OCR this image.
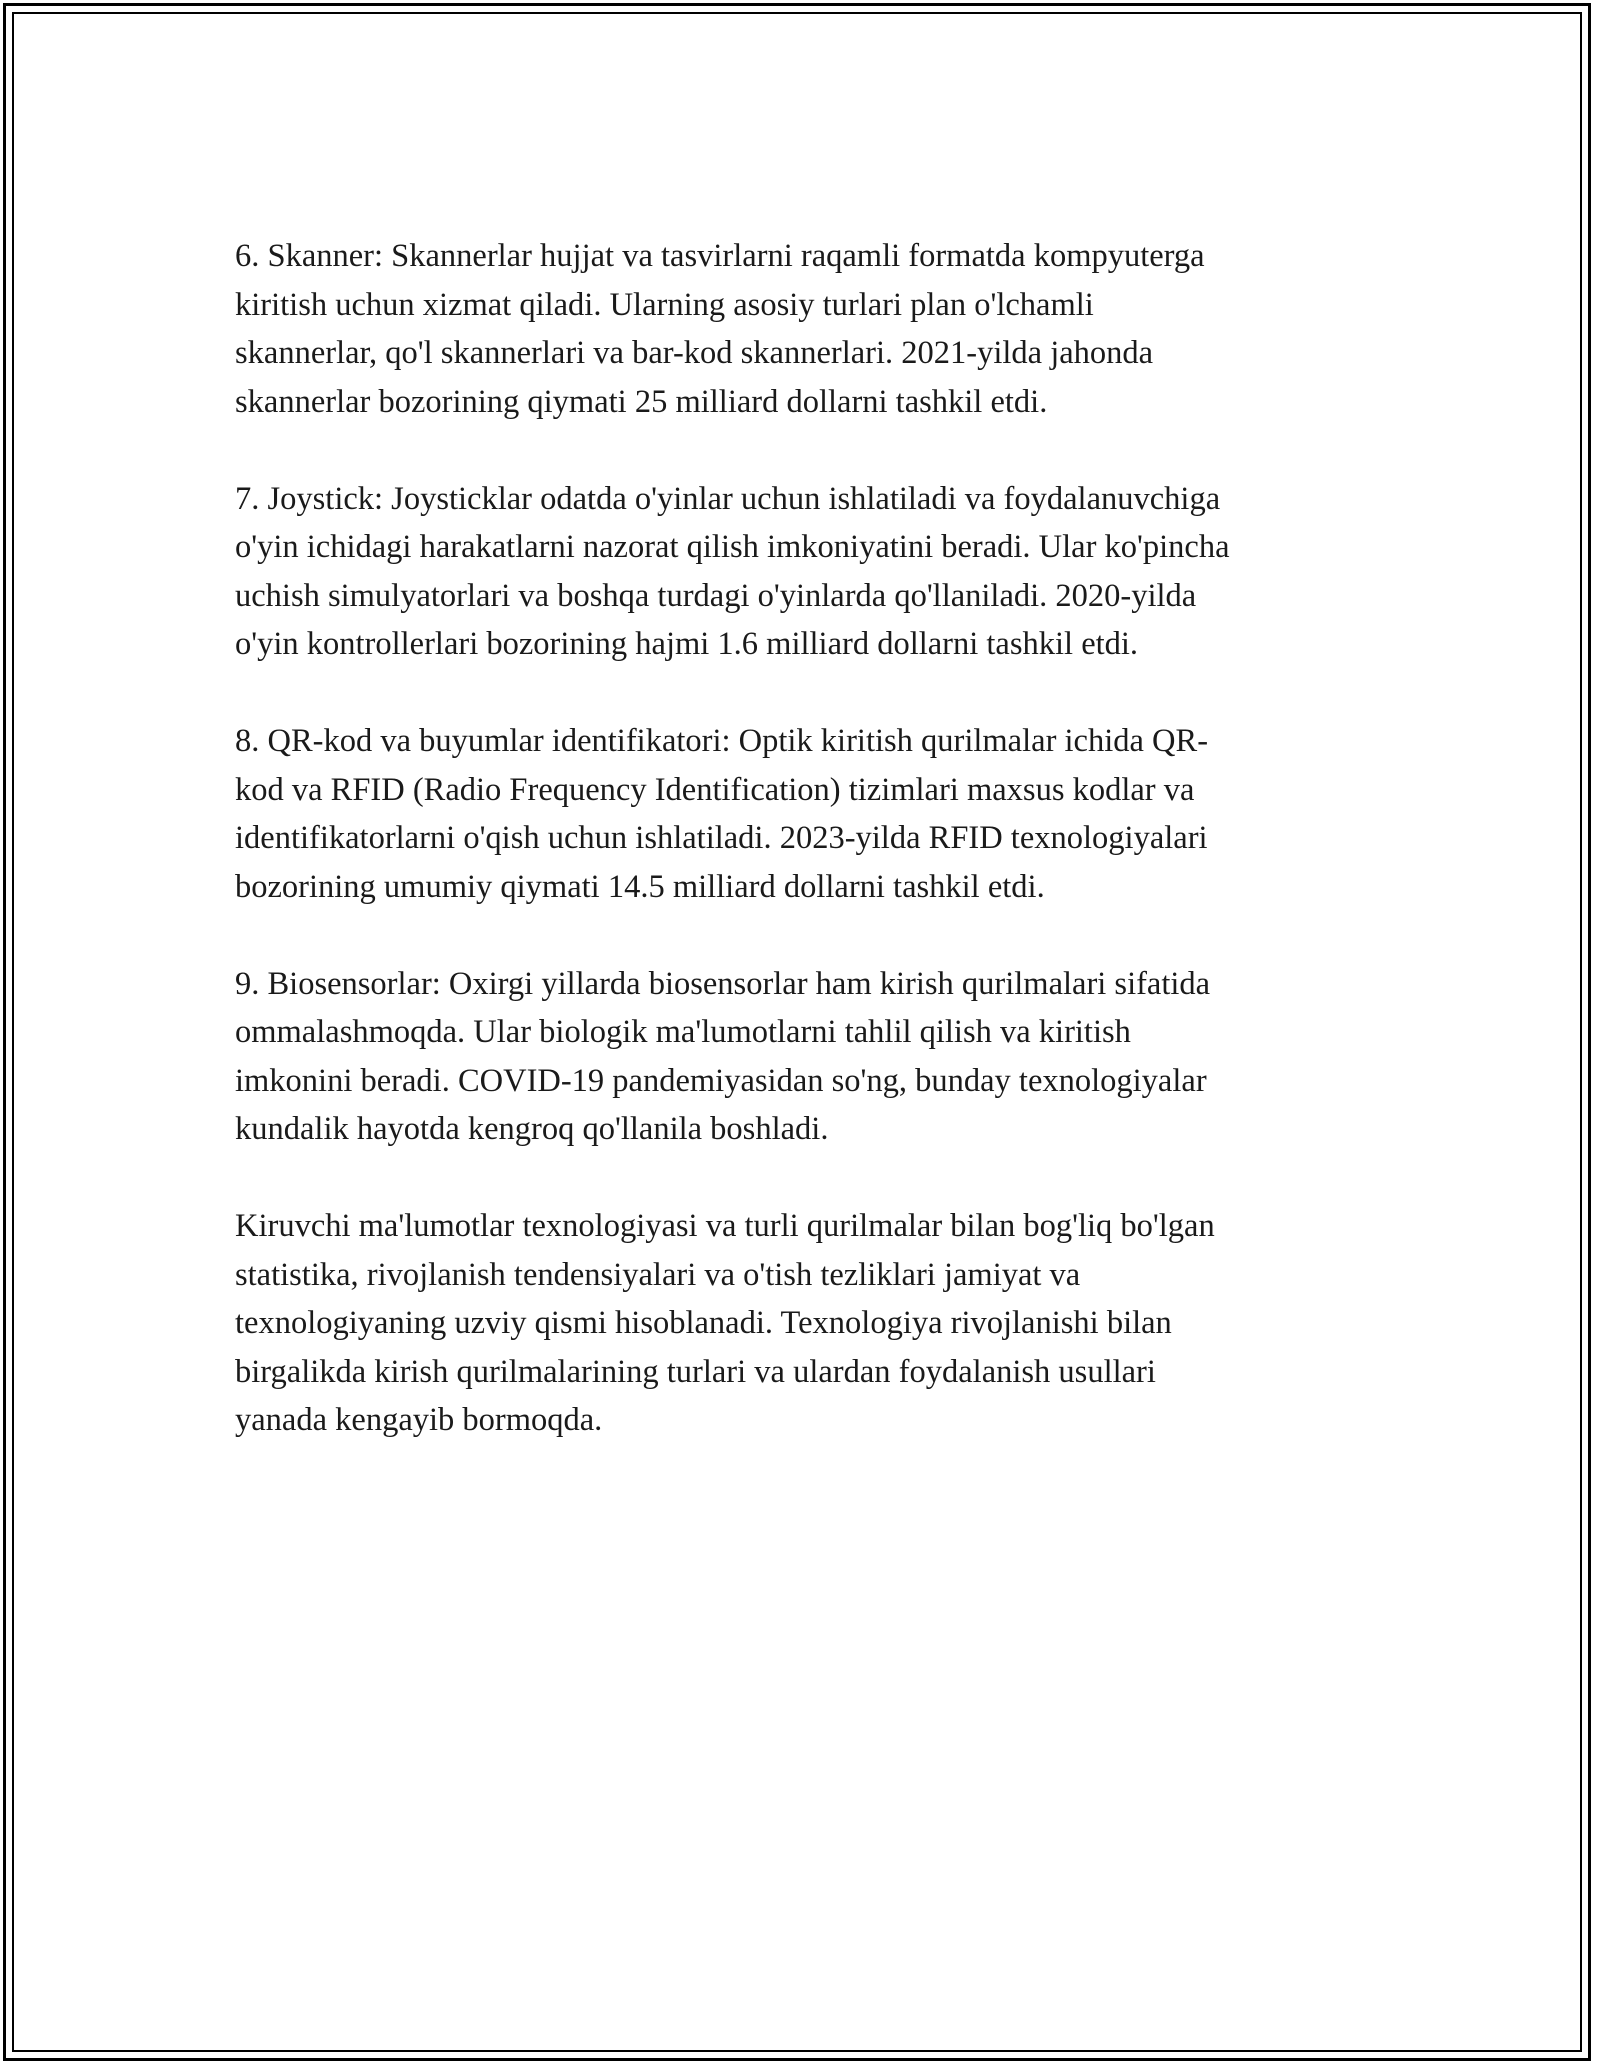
6. Skanner: Skannerlar hujjat va tasvirlarni raqamli formatda kompyuterga
kiritish uchun xizmat qiladi. Ularning asosiy turlari plan o'lchamli
skannerlar, qo'l skannerlari va bar-kod skannerlari. 2021-yilda jahonda
skannerlar bozorining qiymati 25 milliard dollarni tashkil etdi.

7. Joystick: Joysticklar odatda o'yinlar uchun ishlatiladi va foydalanuvchiga
o'yin ichidagi harakatlarni nazorat qilish imkoniyatini beradi. Ular ko'pincha
uchish simulyatorlari va boshqa turdagi o'yinlarda qo'llaniladi. 2020-yilda
o'yin kontrollerlari bozorining hajmi 1.6 milliard dollarni tashkil etdi.

8. QR-kod va buyumlar identifikatori: Optik kiritish qurilmalar ichida QR-
kod va RFID (Radio Frequency Identification) tizimlari maxsus kodlar va
identifikatorlarni o'qish uchun ishlatiladi. 2023-yilda RFID texnologiyalari
bozorining umumiy qiymati 14.5 milliard dollarni tashkil etdi.

9. Biosensorlar: Oxirgi yillarda biosensorlar ham kirish qurilmalari sifatida
ommalashmoqda. Ular biologik ma'lumotlarni tahlil qilish va kiritish
imkonini beradi. COVID-19 pandemiyasidan so'ng, bunday texnologiyalar
kundalik hayotda kengroq qo'llanila boshladi.

Kiruvchi ma'lumotlar texnologiyasi va turli qurilmalar bilan bog'liq bo'lgan
statistika, rivojlanish tendensiyalari va o'tish tezliklari jamiyat va
texnologiyaning uzviy qismi hisoblanadi. Texnologiya rivojlanishi bilan
birgalikda kirish qurilmalarining turlari va ulardan foydalanish usullari
yanada kengayib bormoqda.
